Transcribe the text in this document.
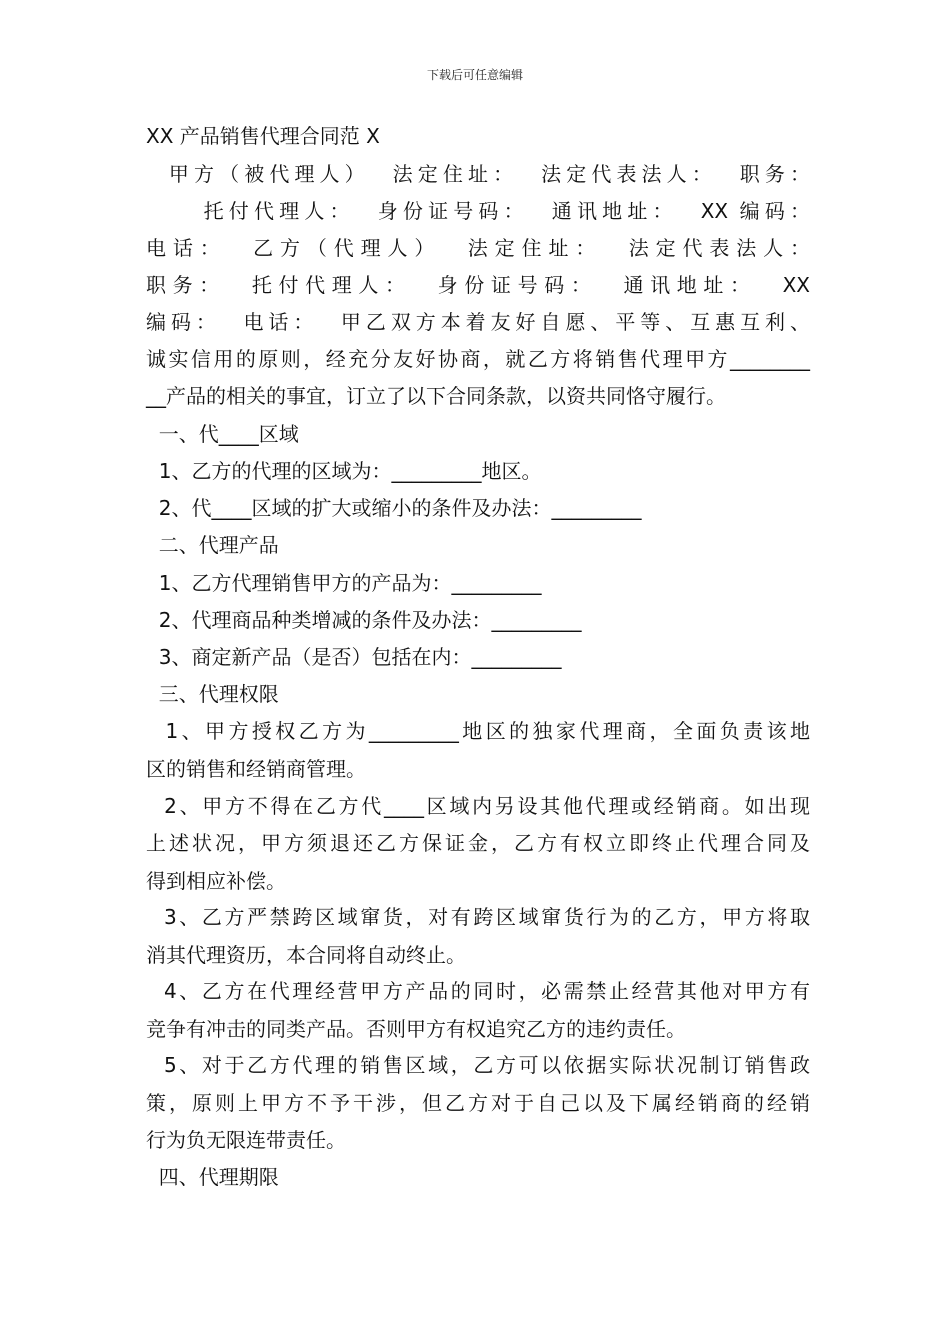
下载后可任意编辑
XX 产品销售代理合同范 X
甲方（被代理人）  法定住址：  法定代表法人：  职务：
托付代理人：  身份证号码：  通讯地址：  XX 编码：
电话：  乙方（代理人）  法定住址：  法定代表法人：
职务：  托付代理人：  身份证号码：  通讯地址：  XX
编码：  电话：  甲乙双方本着友好自愿、平等、互惠互利、
诚实信用的原则，经充分友好协商，就乙方将销售代理甲方________
__产品的相关的事宜，订立了以下合同条款，以资共同恪守履行。
一、代____区域
1、乙方的代理的区域为：_________地区。
2、代____区域的扩大或缩小的条件及办法：_________
二、代理产品
1、乙方代理销售甲方的产品为：_________
2、代理商品种类增减的条件及办法：_________
3、商定新产品（是否）包括在内：_________
三、代理权限
1、甲方授权乙方为_________地区的独家代理商，全面负责该地
区的销售和经销商管理。
2、甲方不得在乙方代____区域内另设其他代理或经销商。如出现
上述状况，甲方须退还乙方保证金，乙方有权立即终止代理合同及
得到相应补偿。
3、乙方严禁跨区域窜货，对有跨区域窜货行为的乙方，甲方将取
消其代理资历，本合同将自动终止。
4、乙方在代理经营甲方产品的同时，必需禁止经营其他对甲方有
竞争有冲击的同类产品。否则甲方有权追究乙方的违约责任。
5、对于乙方代理的销售区域，乙方可以依据实际状况制订销售政
策，原则上甲方不予干涉，但乙方对于自己以及下属经销商的经销
行为负无限连带责任。
四、代理期限
